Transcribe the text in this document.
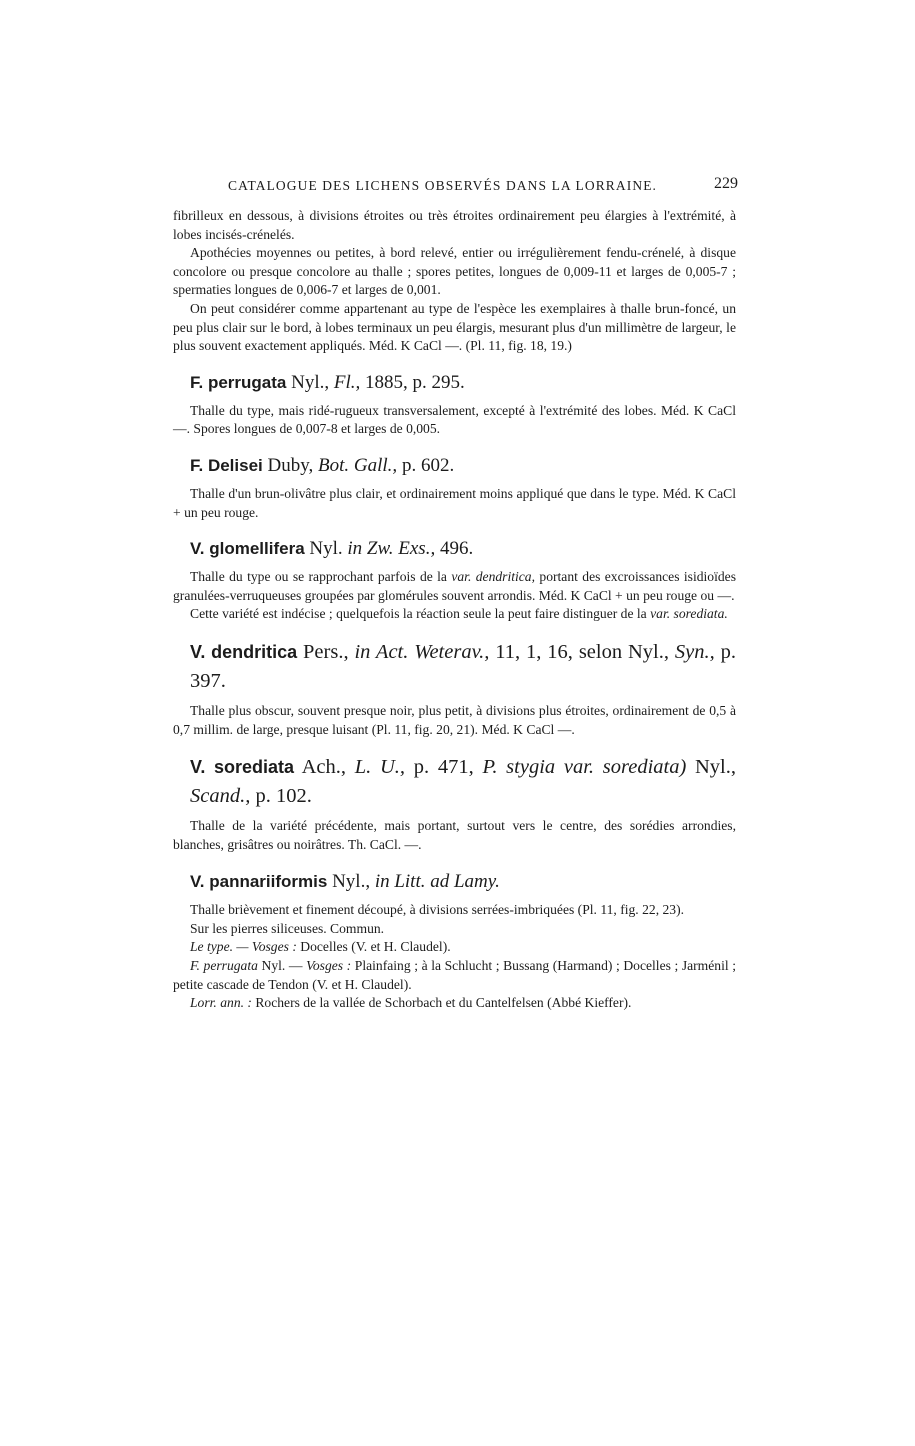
CATALOGUE DES LICHENS OBSERVÉS DANS LA LORRAINE.	229

fibrilleux en dessous, à divisions étroites ou très étroites ordinairement peu élargies à l'extrémité, à lobes incisés-crénelés.

Apothécies moyennes ou petites, à bord relevé, entier ou irrégulièrement fendu-crénelé, à disque concolore ou presque concolore au thalle ; spores petites, longues de 0,009-11 et larges de 0,005-7 ; spermaties longues de 0,006-7 et larges de 0,001.

On peut considérer comme appartenant au type de l'espèce les exemplaires à thalle brun-foncé, un peu plus clair sur le bord, à lobes terminaux un peu élargis, mesurant plus d'un millimètre de largeur, le plus souvent exactement appliqués. Méd. K CaCl —. (Pl. 11, fig. 18, 19.)

F. perrugata Nyl., Fl., 1885, p. 295.

Thalle du type, mais ridé-rugueux transversalement, excepté à l'extrémité des lobes. Méd. K CaCl —. Spores longues de 0,007-8 et larges de 0,005.

F. Delisei Duby, Bot. Gall., p. 602.

Thalle d'un brun-olivâtre plus clair, et ordinairement moins appliqué que dans le type. Méd. K CaCl + un peu rouge.

V. glomellifera Nyl. in Zw. Exs., 496.

Thalle du type ou se rapprochant parfois de la var. dendritica, portant des excroissances isidioïdes granulées-verruqueuses groupées par glomérules souvent arrondis. Méd. K CaCl + un peu rouge ou —.

Cette variété est indécise ; quelquefois la réaction seule la peut faire distinguer de la var. sorediata.

V. dendritica Pers., in Act. Weterav., 11, 1, 16, selon Nyl., Syn., p. 397.

Thalle plus obscur, souvent presque noir, plus petit, à divisions plus étroites, ordinairement de 0,5 à 0,7 millim. de large, presque luisant (Pl. 11, fig. 20, 21). Méd. K CaCl —.

V. sorediata Ach., L. U., p. 471, P. stygia var. sorediata) Nyl., Scand., p. 102.

Thalle de la variété précédente, mais portant, surtout vers le centre, des sorédies arrondies, blanches, grisâtres ou noirâtres. Th. CaCl. —.

V. pannariiformis Nyl., in Litt. ad Lamy.

Thalle brièvement et finement découpé, à divisions serrées-imbriquées (Pl. 11, fig. 22, 23).

Sur les pierres siliceuses. Commun.

Le type. — Vosges : Docelles (V. et H. Claudel).

F. perrugata Nyl. — Vosges : Plainfaing ; à la Schlucht ; Bussang (Harmand) ; Docelles ; Jarménil ; petite cascade de Tendon (V. et H. Claudel).

Lorr. ann. : Rochers de la vallée de Schorbach et du Cantelfelsen (Abbé Kieffer).
